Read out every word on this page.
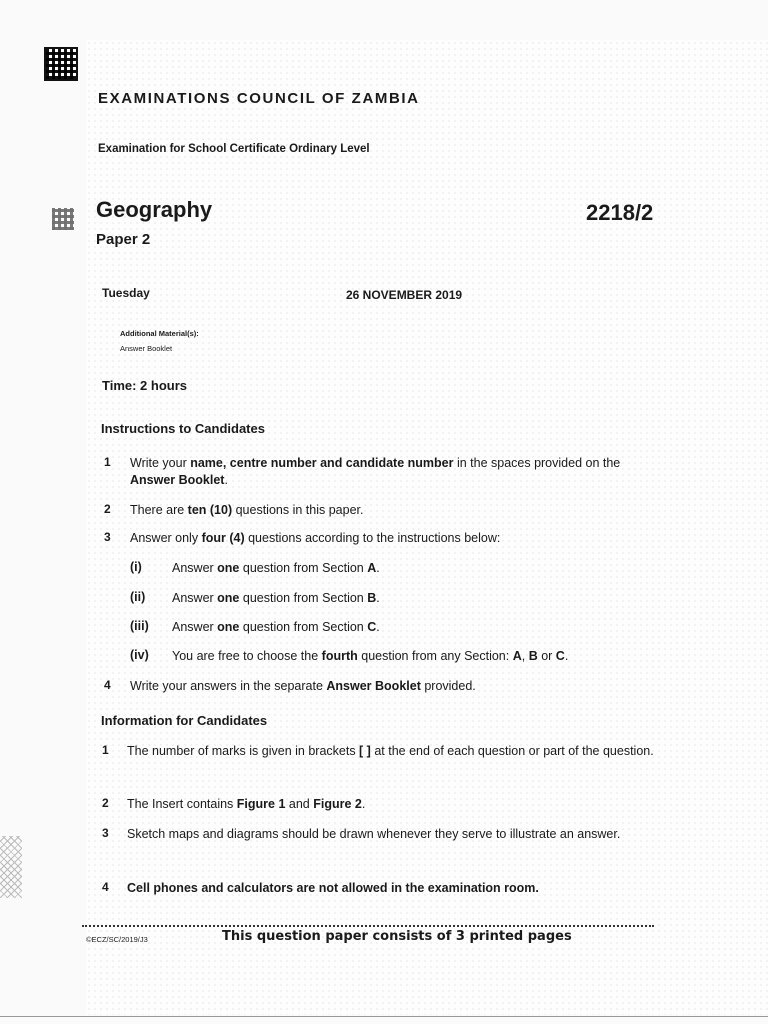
EXAMINATIONS COUNCIL OF ZAMBIA
Examination for School Certificate Ordinary Level
Geography	2218/2
Paper 2
Tuesday	26 NOVEMBER 2019
Additional Material(s):
Answer Booklet
Time: 2 hours
Instructions to Candidates
1 Write your name, centre number and candidate number in the spaces provided on the Answer Booklet.
2 There are ten (10) questions in this paper.
3 Answer only four (4) questions according to the instructions below:
(i) Answer one question from Section A.
(ii) Answer one question from Section B.
(iii) Answer one question from Section C.
(iv) You are free to choose the fourth question from any Section: A, B or C.
4 Write your answers in the separate Answer Booklet provided.
Information for Candidates
1 The number of marks is given in brackets [ ] at the end of each question or part of the question.
2 The Insert contains Figure 1 and Figure 2.
3 Sketch maps and diagrams should be drawn whenever they serve to illustrate an answer.
4 Cell phones and calculators are not allowed in the examination room.
©ECZ/SC/2019/J3	This question paper consists of 3 printed pages
